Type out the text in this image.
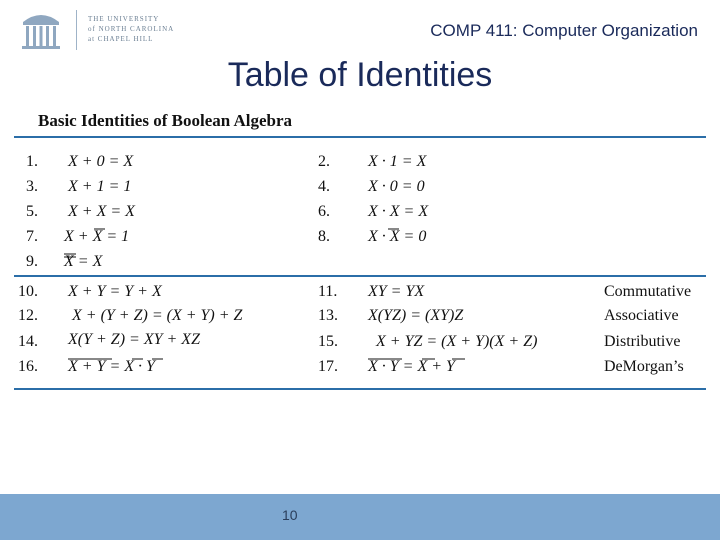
THE UNIVERSITY
of NORTH CAROLINA
at CHAPEL HILL	COMP 411: Computer Organization
Table of Identities
Basic Identities of Boolean Algebra
1.
3.
5.
7.
9.
10.
12.
14.
16.
2.
4.
6.
8.
11.
13.
15.
17.
X + 0 = X
X + 1 = 1
X + X = X
X + X = 1
X = X
X + Y = Y + X
X + (Y + Z) = (X + Y) + Z
X(Y + Z) = XY + XZ
X + Y = X · Y
X · 1 = X
X · 0 = 0
X · X = X
X · X = 0
XY = YX
X(YZ) = (XY)Z
X + YZ = (X + Y)(X + Z)
X · Y = X + Y
Commutative
Associative
Distributive
DeMorgan’s
10
